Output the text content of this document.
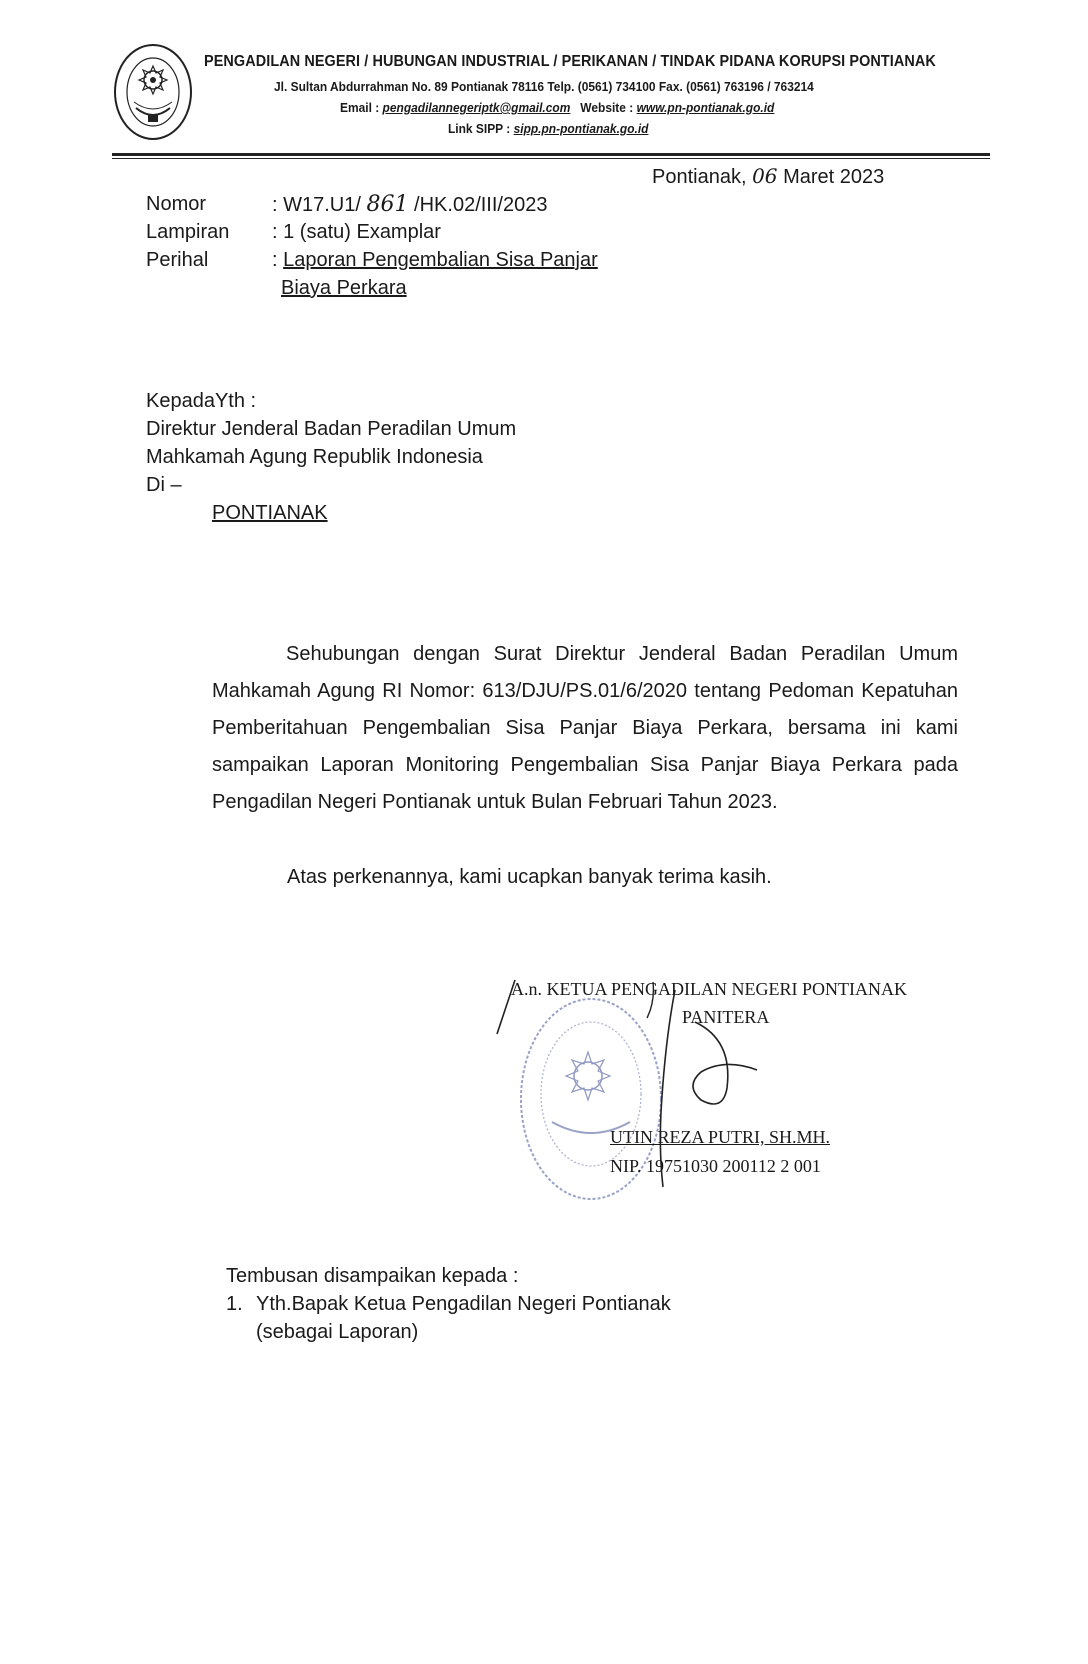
PENGADILAN NEGERI / HUBUNGAN INDUSTRIAL / PERIKANAN / TINDAK PIDANA KORUPSI PONTIANAK
Jl. Sultan Abdurrahman No. 89 Pontianak 78116 Telp. (0561) 734100 Fax. (0561) 763196 / 763214
Email : pengadilannegeriptk@gmail.com Website : www.pn-pontianak.go.id
Link SIPP : sipp.pn-pontianak.go.id
Pontianak, 06 Maret 2023
Nomor	: W17.U1/ 861 /HK.02/III/2023
Lampiran : 1 (satu) Examplar
Perihal	: Laporan Pengembalian Sisa Panjar
Biaya Perkara
KepadaYth :
Direktur Jenderal Badan Peradilan Umum
Mahkamah Agung Republik Indonesia
Di –
PONTIANAK

Sehubungan dengan Surat Direktur Jenderal Badan Peradilan Umum Mahkamah Agung RI Nomor: 613/DJU/PS.01/6/2020 tentang Pedoman Kepatuhan Pemberitahuan Pengembalian Sisa Panjar Biaya Perkara, bersama ini kami sampaikan Laporan Monitoring Pengembalian Sisa Panjar Biaya Perkara pada Pengadilan Negeri Pontianak untuk Bulan Februari Tahun 2023.

Atas perkenannya, kami ucapkan banyak terima kasih.
A.n. KETUA PENGADILAN NEGERI PONTIANAK
PANITERA
UTIN REZA PUTRI, SH.MH.
NIP. 19751030 200112 2 001
Tembusan disampaikan kepada :
1. Yth.Bapak Ketua Pengadilan Negeri Pontianak
(sebagai Laporan)
